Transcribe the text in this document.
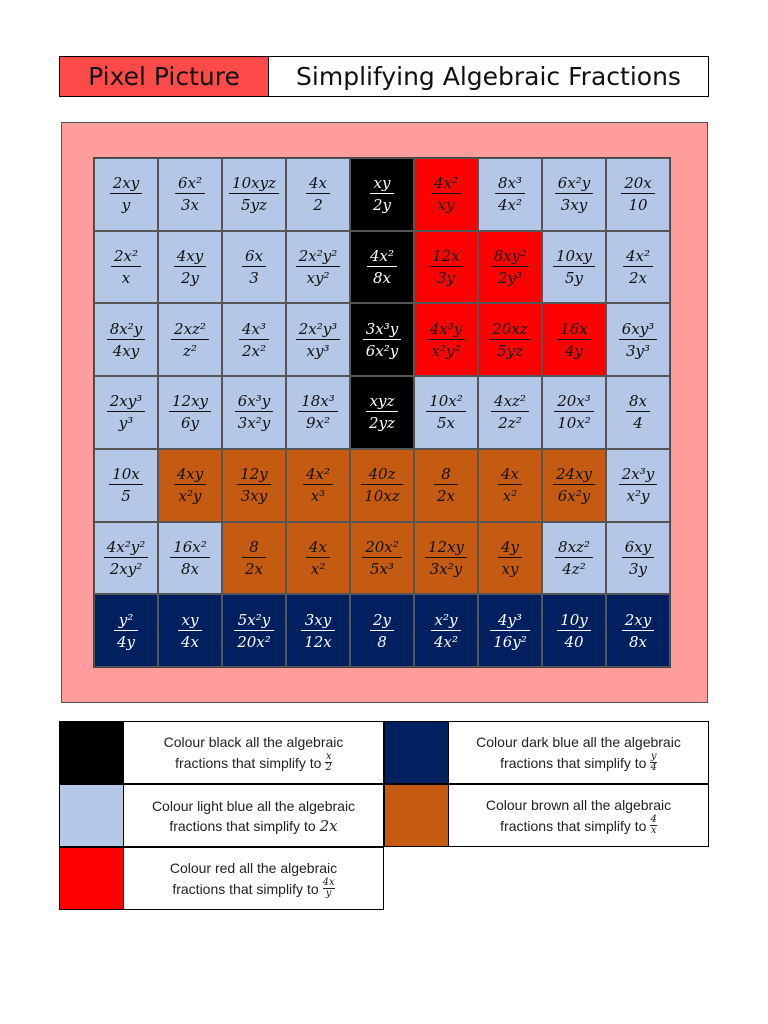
Pixel Picture	Simplifying Algebraic Fractions
$\frac{2xy}{y} \frac{\text{6x²}}{3x} \frac{\text{10xyz}}{5yz} \frac{4x}{2}$	$\frac{xy}{2y} \frac{\text{4x²}}{xy} \frac{\text{8x³}}{\text{4x²}} \frac{\text{6x²y}}{3xy} \frac{20x}{10}$
$\frac{\text{2x²}}{x} \frac{4xy}{2y} \frac{6x}{3} \frac{\text{2x²y²}}{\text{xy²}} \frac{\text{4x²}}{8x} \frac{12x}{3y} \frac{\text{8xy²}}{\text{2y³}} \frac{10xy}{5y} \frac{\text{4x²}}{2x}$
$\frac{\text{8x²y}}{4xy} \frac{\text{2xz²}}{\text{z²}} \frac{\text{4x³}}{\text{2x²}} \frac{\text{2x²y³}}{\text{xy³}} \frac{\text{3x³y}}{\text{6x²y}} \frac{\text{4x³y}}{\text{x²y²}} \frac{20xz}{5yz} \frac{16x}{4y} \frac{\text{6xy³}}{\text{3y³}}$
$\frac{\text{2xy³}}{\text{y³}} \frac{12xy}{6y} \frac{\text{6x³y}}{\text{3x²y}} \frac{\text{18x³}}{\text{9x²}} \frac{\text{xyz}}{2yz} \frac{\text{10x²}}{5x} \frac{\text{4xz²}}{\text{2z²}} \frac{\text{20x³}}{\text{10x²}} \frac{8x}{4}$
$\frac{10x}{5} \frac{4xy}{\text{x²y}} \frac{12y}{3xy} \frac{\text{4x²}}{\text{x³}} \frac{40z}{10xz} \frac{8}{2x}$	$\frac{4x}{\text{x²}} \frac{24xy}{\text{6x²y}} \frac{\text{2x³y}}{\text{x²y}}$
$\frac{\text{4x²y²}}{\text{2xy²}} \frac{\text{16x²}}{8x} \frac{8}{2x}$	$\frac{4x}{\text{x²}} \frac{\text{20x²}}{\text{5x³}} \frac{12xy}{\text{3x²y}} \frac{4y}{xy} \frac{\text{8xz²}}{\text{4z²}} \frac{6xy}{3y}$
$\frac{\text{y²}}{4y}$	$\frac{xy}{4x} \frac{\text{5x²y}}{\text{20x²}} \frac{3xy}{12x} \frac{2y}{8} \frac{\text{x²y}}{\text{4x²}} \frac{\text{4y³}}{\text{16y²}} \frac{10y}{40} \frac{2xy}{8x}$
Colour black all the algebraic
fractions that simplify to x
2
Colour dark blue all the algebraic
fractions that simplify to y
4
Colour light blue all the algebraic
fractions that simplify to 2x
Colour brown all the algebraic
fractions that simplify to 4
x
Colour red all the algebraic
fractions that simplify to 4x
y
